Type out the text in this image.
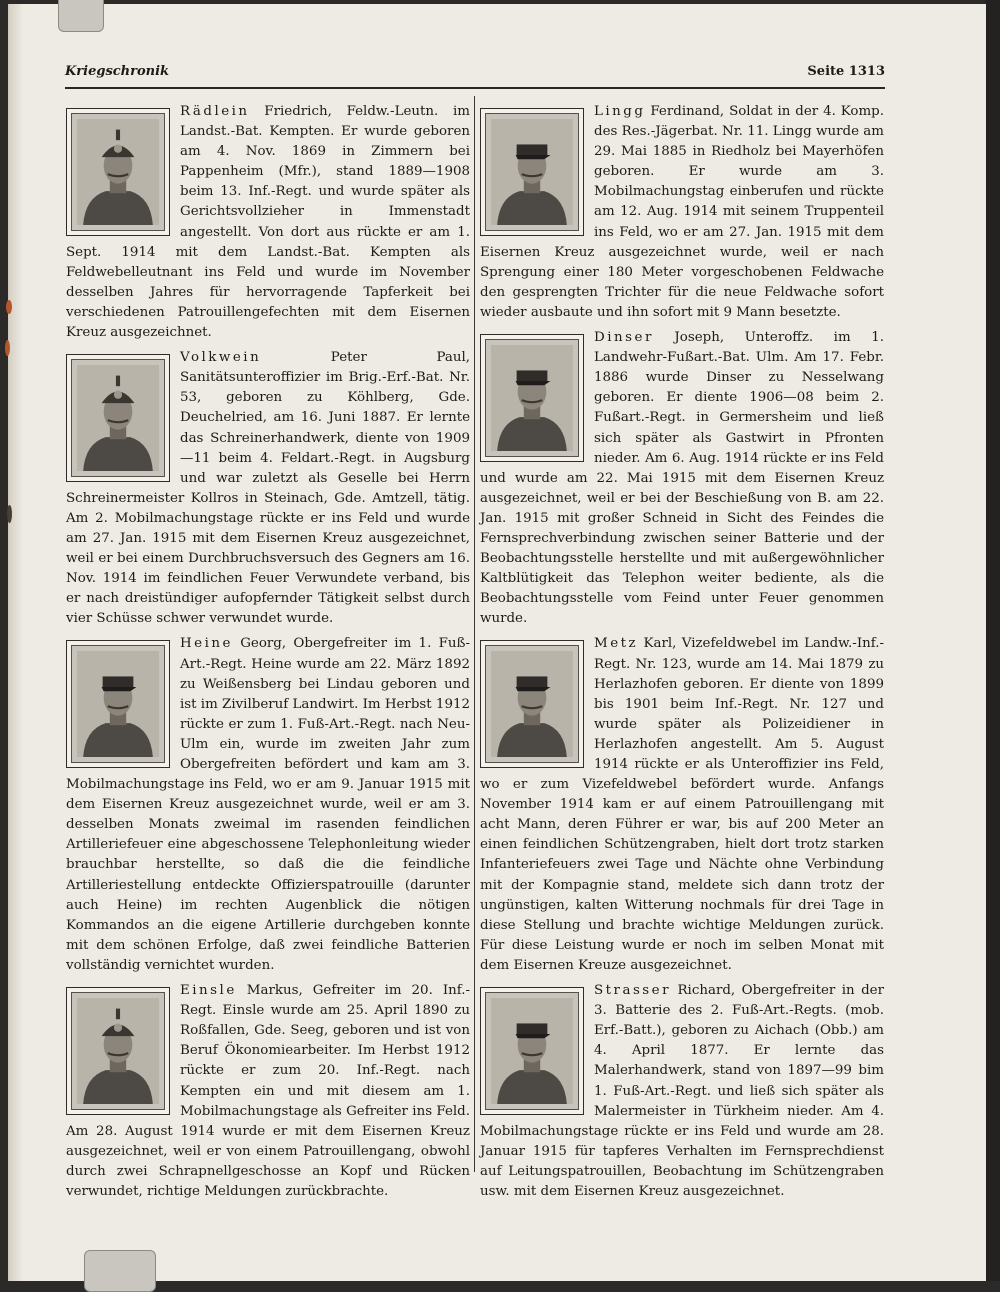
Kriegschronik	Seite 1313
Rädlein Friedrich, Feldw.-Leutn. im Landst.-Bat. Kempten. Er wurde geboren am 4. Nov. 1869 in Zimmern bei Pappenheim (Mfr.), stand 1889—1908 beim 13. Inf.-Regt. und wurde später als Gerichtsvollzieher in Immenstadt angestellt. Von dort aus rückte er am 1. Sept. 1914 mit dem Landst.-Bat. Kempten als Feldwebelleutnant ins Feld und wurde im November desselben Jahres für hervorragende Tapferkeit bei verschiedenen Patrouillengefechten mit dem Eisernen Kreuz ausgezeichnet.
Volkwein Peter Paul, Sanitätsunteroffizier im Brig.-Erf.-Bat. Nr. 53, geboren zu Köhlberg, Gde. Deuchelried, am 16. Juni 1887. Er lernte das Schreinerhandwerk, diente von 1909—11 beim 4. Feldart.-Regt. in Augsburg und war zuletzt als Geselle bei Herrn Schreinermeister Kollros in Steinach, Gde. Amtzell, tätig. Am 2. Mobilmachungstage rückte er ins Feld und wurde am 27. Jan. 1915 mit dem Eisernen Kreuz ausgezeichnet, weil er bei einem Durchbruchsversuch des Gegners am 16. Nov. 1914 im feindlichen Feuer Verwundete verband, bis er nach dreistündiger aufopfernder Tätigkeit selbst durch vier Schüsse schwer verwundet wurde.
Heine Georg, Obergefreiter im 1. Fuß-Art.-Regt. Heine wurde am 22. März 1892 zu Weißensberg bei Lindau geboren und ist im Zivilberuf Landwirt. Im Herbst 1912 rückte er zum 1. Fuß-Art.-Regt. nach Neu-Ulm ein, wurde im zweiten Jahr zum Obergefreiten befördert und kam am 3. Mobilmachungstage ins Feld, wo er am 9. Januar 1915 mit dem Eisernen Kreuz ausgezeichnet wurde, weil er am 3. desselben Monats zweimal im rasenden feindlichen Artilleriefeuer eine abgeschossene Telephonleitung wieder brauchbar herstellte, so daß die die feindliche Artilleriestellung entdeckte Offizierspatrouille (darunter auch Heine) im rechten Augenblick die nötigen Kommandos an die eigene Artillerie durchgeben konnte mit dem schönen Erfolge, daß zwei feindliche Batterien vollständig vernichtet wurden.
Einsle Markus, Gefreiter im 20. Inf.-Regt. Einsle wurde am 25. April 1890 zu Roßfallen, Gde. Seeg, geboren und ist von Beruf Ökonomiearbeiter. Im Herbst 1912 rückte er zum 20. Inf.-Regt. nach Kempten ein und mit diesem am 1. Mobilmachungstage als Gefreiter ins Feld. Am 28. August 1914 wurde er mit dem Eisernen Kreuz ausgezeichnet, weil er von einem Patrouillengang, obwohl durch zwei Schrapnellgeschosse an Kopf und Rücken verwundet, richtige Meldungen zurückbrachte.
Lingg Ferdinand, Soldat in der 4. Komp. des Res.-Jägerbat. Nr. 11. Lingg wurde am 29. Mai 1885 in Riedholz bei Mayerhöfen geboren. Er wurde am 3. Mobilmachungstag einberufen und rückte am 12. Aug. 1914 mit seinem Truppenteil ins Feld, wo er am 27. Jan. 1915 mit dem Eisernen Kreuz ausgezeichnet wurde, weil er nach Sprengung einer 180 Meter vorgeschobenen Feldwache den gesprengten Trichter für die neue Feldwache sofort wieder ausbaute und ihn sofort mit 9 Mann besetzte.
Dinser Joseph, Unteroffz. im 1. Landwehr-Fußart.-Bat. Ulm. Am 17. Febr. 1886 wurde Dinser zu Nesselwang geboren. Er diente 1906—08 beim 2. Fußart.-Regt. in Germersheim und ließ sich später als Gastwirt in Pfronten nieder. Am 6. Aug. 1914 rückte er ins Feld und wurde am 22. Mai 1915 mit dem Eisernen Kreuz ausgezeichnet, weil er bei der Beschießung von B. am 22. Jan. 1915 mit großer Schneid in Sicht des Feindes die Fernsprechverbindung zwischen seiner Batterie und der Beobachtungsstelle herstellte und mit außergewöhnlicher Kaltblütigkeit das Telephon weiter bediente, als die Beobachtungsstelle vom Feind unter Feuer genommen wurde.
Metz Karl, Vizefeldwebel im Landw.-Inf.-Regt. Nr. 123, wurde am 14. Mai 1879 zu Herlazhofen geboren. Er diente von 1899 bis 1901 beim Inf.-Regt. Nr. 127 und wurde später als Polizeidiener in Herlazhofen angestellt. Am 5. August 1914 rückte er als Unteroffizier ins Feld, wo er zum Vizefeldwebel befördert wurde. Anfangs November 1914 kam er auf einem Patrouillengang mit acht Mann, deren Führer er war, bis auf 200 Meter an einen feindlichen Schützengraben, hielt dort trotz starken Infanteriefeuers zwei Tage und Nächte ohne Verbindung mit der Kompagnie stand, meldete sich dann trotz der ungünstigen, kalten Witterung nochmals für drei Tage in diese Stellung und brachte wichtige Meldungen zurück. Für diese Leistung wurde er noch im selben Monat mit dem Eisernen Kreuze ausgezeichnet.
Strasser Richard, Obergefreiter in der 3. Batterie des 2. Fuß-Art.-Regts. (mob. Erf.-Batt.), geboren zu Aichach (Obb.) am 4. April 1877. Er lernte das Malerhandwerk, stand von 1897—99 bim 1. Fuß-Art.-Regt. und ließ sich später als Malermeister in Türkheim nieder. Am 4. Mobilmachungstage rückte er ins Feld und wurde am 28. Januar 1915 für tapferes Verhalten im Fernsprechdienst auf Leitungspatrouillen, Beobachtung im Schützengraben usw. mit dem Eisernen Kreuz ausgezeichnet.
